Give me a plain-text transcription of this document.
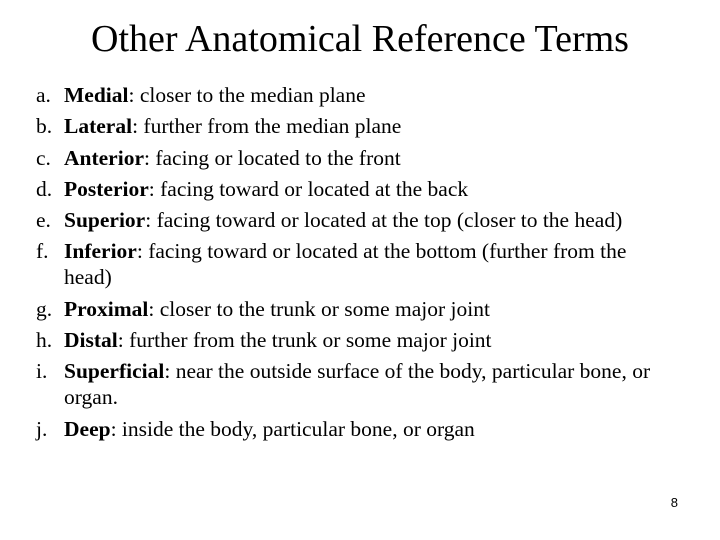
Other Anatomical Reference Terms
a. Medial: closer to the median plane
b. Lateral: further from the median plane
c. Anterior: facing or located to the front
d. Posterior: facing toward or located at the back
e. Superior: facing toward or located at the top (closer to the head)
f. Inferior: facing toward or located at the bottom (further from the head)
g. Proximal: closer to the trunk or some major joint
h. Distal: further from the trunk or some major joint
i. Superficial: near the outside surface of the body, particular bone, or organ.
j. Deep: inside the body, particular bone, or organ
8
